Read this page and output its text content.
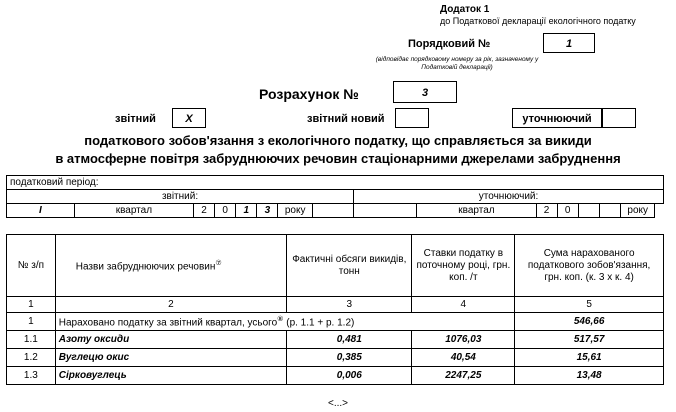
Додаток 1
до Податкової декларації екологічного податку
Порядковий №	1
(відповідає порядковому номеру за рік, зазначеному у Податковій декларації)
Розрахунок №	3
звітний	X	звітний новий	уточнюючий
податкового зобов'язання з екологічного податку, що справляється за викиди
в атмосферне повітря забруднюючих речовин стаціонарними джерелами забруднення
податковий період:															
звітний:								уточнюючий:							
I	квартал	2	0	1	3	року			квартал	2	0			року	
№ з/п	Назви забруднюючих речовин⑦	Фактичні обсяги викидів, тонн	Ставки податку в поточному році, грн. коп. /т	Сума нарахованого податкового зобов'язання, грн. коп. (к. 3 х к. 4)
1	2	3	4	5
1	Нараховано податку за звітний квартал, усього⑧ (р. 1.1 + р. 1.2)			546,66
1.1	Азоту оксиди	0,481	1076,03	517,57
1.2	Вуглецю окис	0,385	40,54	15,61
1.3	Сірковуглець	0,006	2247,25	13,48
<...>
